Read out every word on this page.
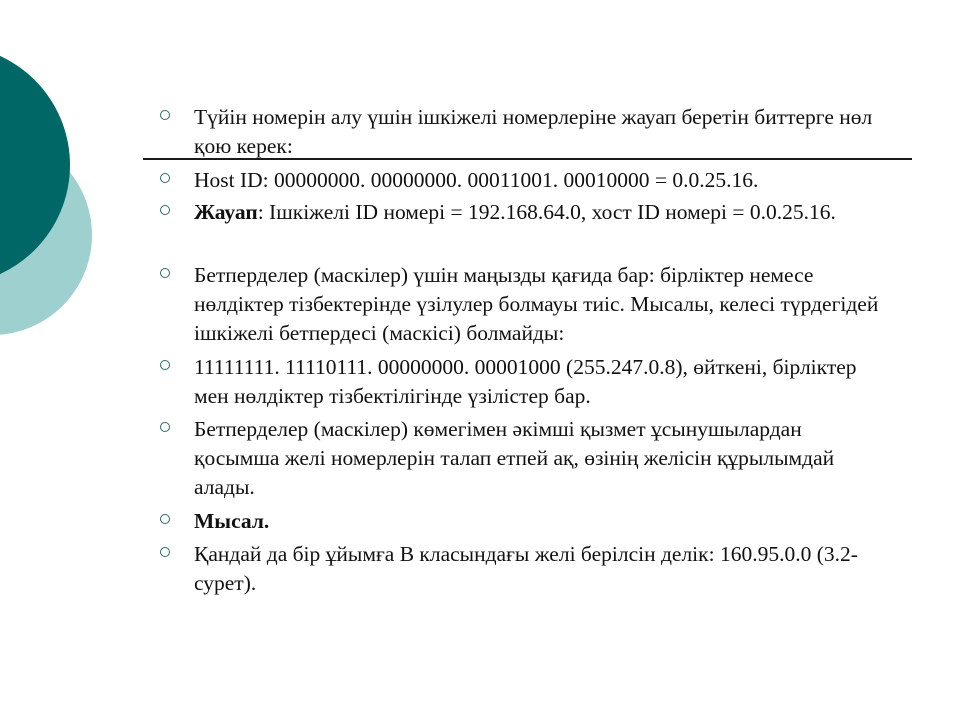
Түйін номерін алу үшін ішкіжелі номерлеріне жауап беретін биттерге нөл қою керек:
Host ID: 00000000. 00000000. 00011001. 00010000 = 0.0.25.16.
Жауап: Ішкіжелі ID номері = 192.168.64.0, хост ID номері = 0.0.25.16.
Бетперделер (маскілер) үшін маңызды қағида бар: бірліктер немесе нөлдіктер тізбектерінде үзілулер болмауы тиіс. Мысалы, келесі түрдегідей ішкіжелі бетпердесі (маскісі) болмайды:
11111111. 11110111. 00000000. 00001000 (255.247.0.8), өйткені, бірліктер мен нөлдіктер тізбектілігінде үзілістер бар.
Бетперделер (маскілер) көмегімен әкімші қызмет ұсынушылардан қосымша желі номерлерін талап етпей ақ, өзінің желісін құрылымдай алады.
Мысал.
Қандай да бір ұйымға В класындағы желі берілсін делік: 160.95.0.0 (3.2-сурет).
